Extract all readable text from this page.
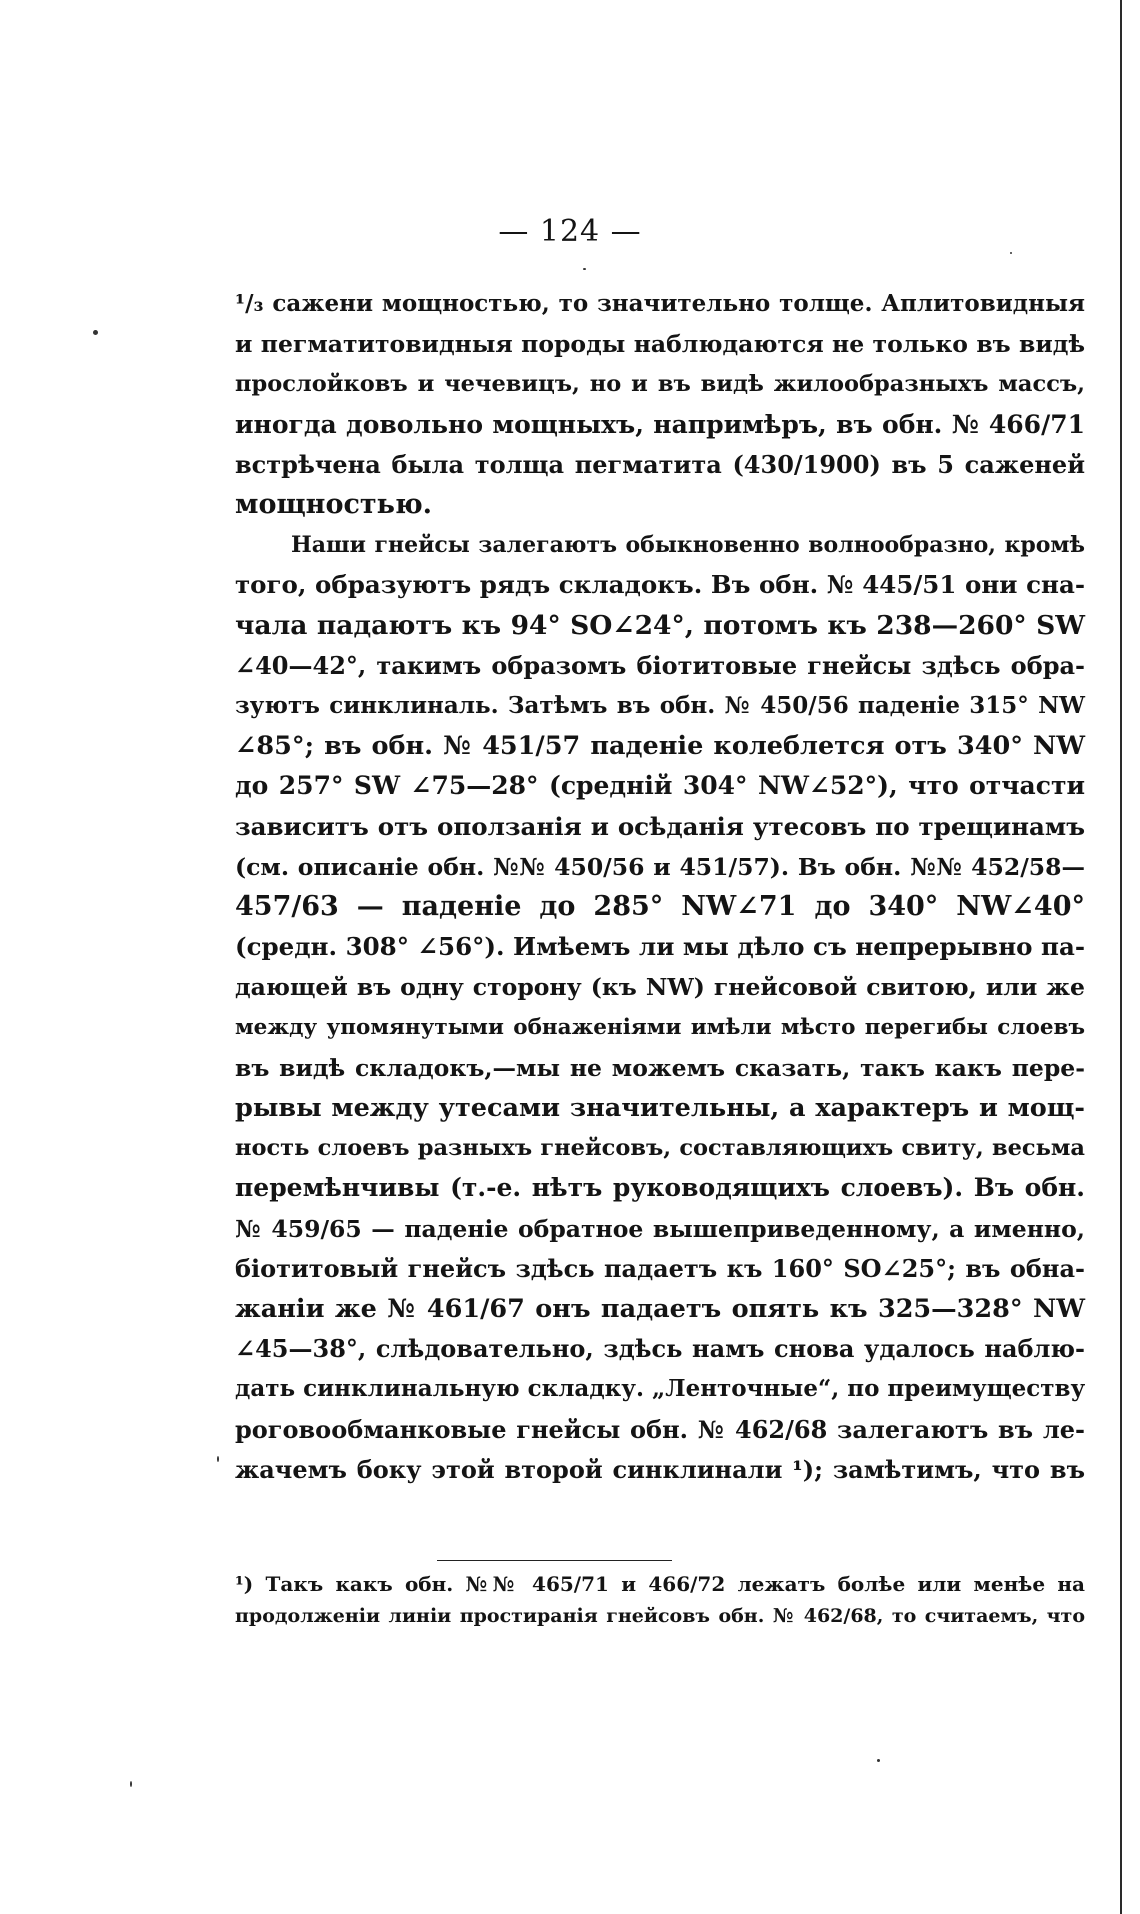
— 124 —

¹/₃ сажени мощностью, то значительно толще. Аплитовидныя
и пегматитовидныя породы наблюдаются не только въ видѣ
прослойковъ и чечевицъ, но и въ видѣ жилообразныхъ массъ,
иногда довольно мощныхъ, напримѣръ, въ обн. № 466/71
встрѣчена была толща пегматита (430/1900) въ 5 саженей
мощностью.

Наши гнейсы залегаютъ обыкновенно волнообразно, кромѣ
того, образуютъ рядъ складокъ. Въ обн. № 445/51 они сна-
чала падаютъ къ 94° SO∠24°, потомъ къ 238—260° SW
∠40—42°, такимъ образомъ біотитовые гнейсы здѣсь обра-
зуютъ синклиналь. Затѣмъ въ обн. № 450/56 паденіе 315° NW
∠85°; въ обн. № 451/57 паденіе колеблется отъ 340° NW
до 257° SW ∠75—28° (средній 304° NW∠52°), что отчасти
зависитъ отъ оползанія и осѣданія утесовъ по трещинамъ
(см. описаніе обн. №№ 450/56 и 451/57). Въ обн. №№ 452/58—
457/63 — паденіе до 285° NW∠71 до 340° NW∠40°
(средн. 308° ∠56°). Имѣемъ ли мы дѣло съ непрерывно па-
дающей въ одну сторону (къ NW) гнейсовой свитою, или же
между упомянутыми обнаженіями имѣли мѣсто перегибы слоевъ
въ видѣ складокъ,—мы не можемъ сказать, такъ какъ пере-
рывы между утесами значительны, а характеръ и мощ-
ность слоевъ разныхъ гнейсовъ, составляющихъ свиту, весьма
перемѣнчивы (т.-е. нѣтъ руководящихъ слоевъ). Въ обн.
№ 459/65 — паденіе обратное вышеприведенному, а именно,
біотитовый гнейсъ здѣсь падаетъ къ 160° SO∠25°; въ обна-
жаніи же № 461/67 онъ падаетъ опять къ 325—328° NW
∠45—38°, слѣдовательно, здѣсь намъ снова удалось наблю-
дать синклинальную складку. „Ленточные“, по преимуществу
роговообманковые гнейсы обн. № 462/68 залегаютъ въ ле-
жачемъ боку этой второй синклинали ¹); замѣтимъ, что въ

¹) Такъ какъ обн. №№ 465/71 и 466/72 лежатъ болѣе или менѣе на
продолженіи линіи простиранія гнейсовъ обн. № 462/68, то считаемъ, что
